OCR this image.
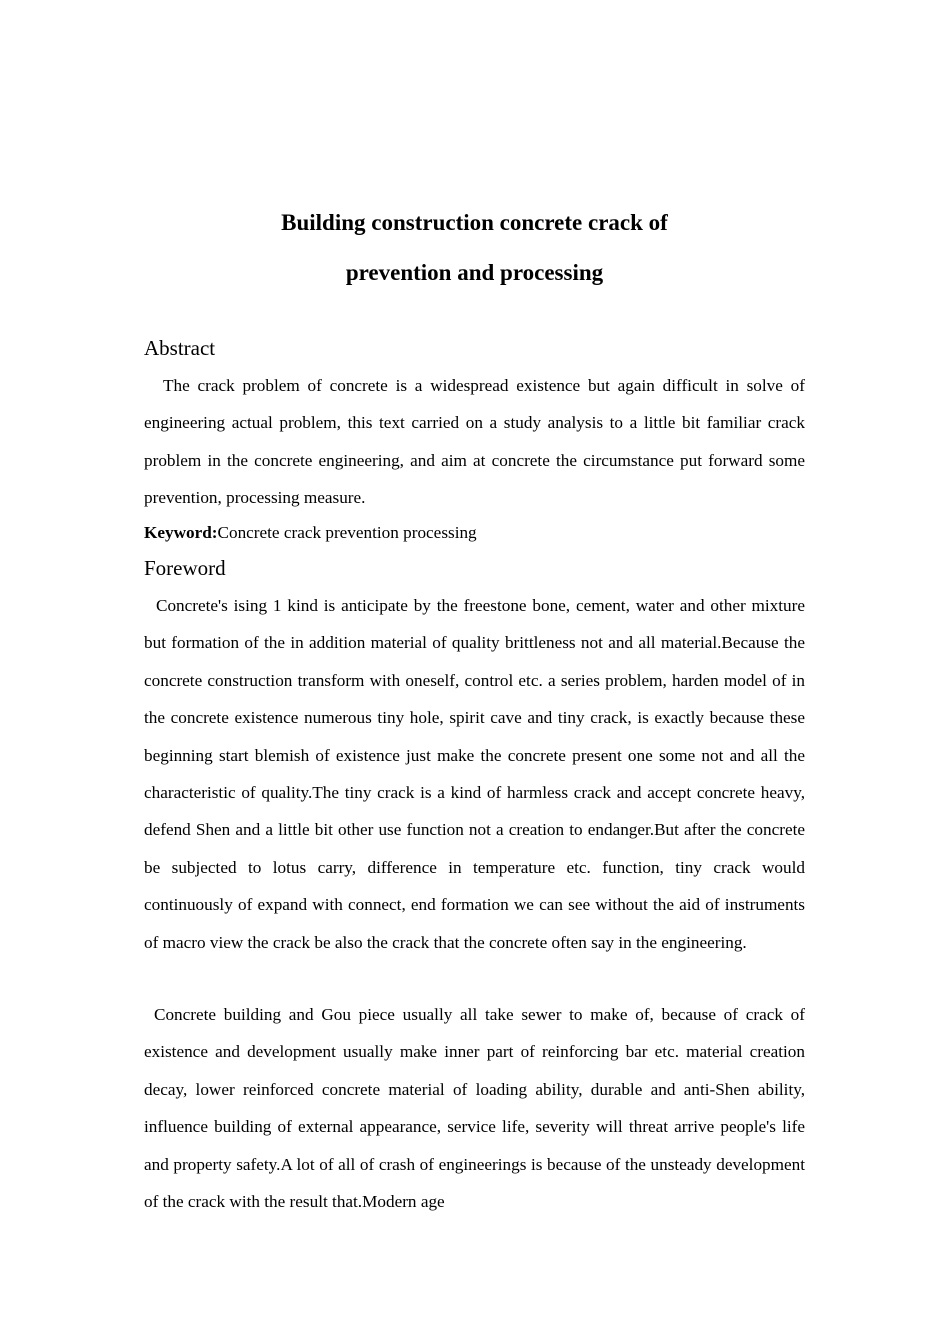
Building construction concrete crack of
prevention and processing
Abstract

The crack problem of concrete is a widespread existence but again difficult in solve of engineering actual problem, this text carried on a study analysis to a little bit familiar crack problem in the concrete engineering, and aim at concrete the circumstance put forward some prevention, processing measure.

Keyword:Concrete crack prevention processing

Foreword

Concrete's ising 1 kind is anticipate by the freestone bone, cement, water and other mixture but formation of the in addition material of quality brittleness not and all material.Because the concrete construction transform with oneself, control etc. a series problem, harden model of in the concrete existence numerous tiny hole, spirit cave and tiny crack, is exactly because these beginning start blemish of existence just make the concrete present one some not and all the characteristic of quality.The tiny crack is a kind of harmless crack and accept concrete heavy, defend Shen and a little bit other use function not a creation to endanger.But after the concrete be subjected to lotus carry, difference in temperature etc. function, tiny crack would continuously of expand with connect, end formation we can see without the aid of instruments of macro view the crack be also the crack that the concrete often say in the engineering.

Concrete building and Gou piece usually all take sewer to make of, because of crack of existence and development usually make inner part of reinforcing bar etc. material creation decay, lower reinforced concrete material of loading ability, durable and anti-Shen ability, influence building of external appearance, service life, severity will threat arrive people's life and property safety.A lot of all of crash of engineerings is because of the unsteady development of the crack with the result that.Modern age
